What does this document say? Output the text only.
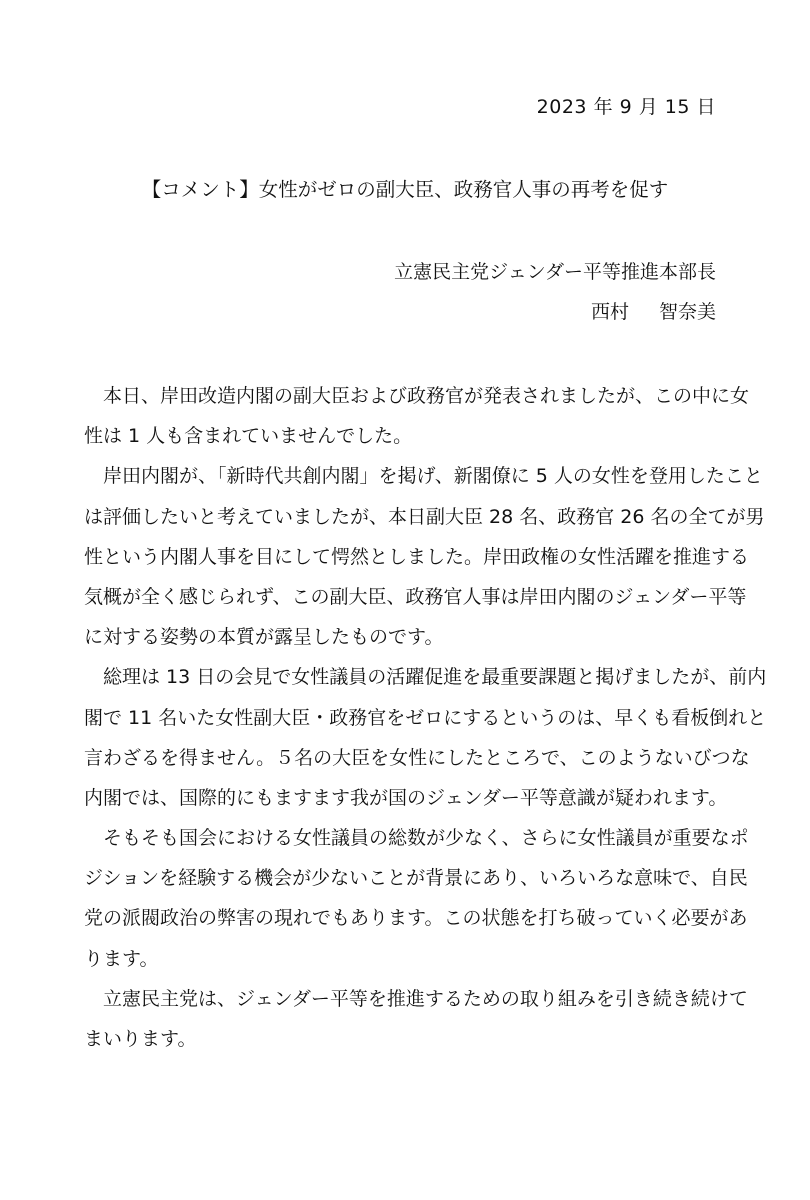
2023 年 9 月 15 日
【コメント】女性がゼロの副大臣、政務官人事の再考を促す
立憲民主党ジェンダー平等推進本部長
西村 智奈美
　本日、岸田改造内閣の副大臣および政務官が発表されましたが、この中に女
性は 1 人も含まれていませんでした。
　岸田内閣が、「新時代共創内閣」を掲げ、新閣僚に 5 人の女性を登用したこと
は評価したいと考えていましたが、本日副大臣 28 名、政務官 26 名の全てが男
性という内閣人事を目にして愕然としました。岸田政権の女性活躍を推進する
気概が全く感じられず、この副大臣、政務官人事は岸田内閣のジェンダー平等
に対する姿勢の本質が露呈したものです。
　総理は 13 日の会見で女性議員の活躍促進を最重要課題と掲げましたが、前内
閣で 11 名いた女性副大臣・政務官をゼロにするというのは、早くも看板倒れと
言わざるを得ません。５名の大臣を女性にしたところで、このようないびつな
内閣では、国際的にもますます我が国のジェンダー平等意識が疑われます。
　そもそも国会における女性議員の総数が少なく、さらに女性議員が重要なポ
ジションを経験する機会が少ないことが背景にあり、いろいろな意味で、自民
党の派閥政治の弊害の現れでもあります。この状態を打ち破っていく必要があ
ります。
　立憲民主党は、ジェンダー平等を推進するための取り組みを引き続き続けて
まいります。
